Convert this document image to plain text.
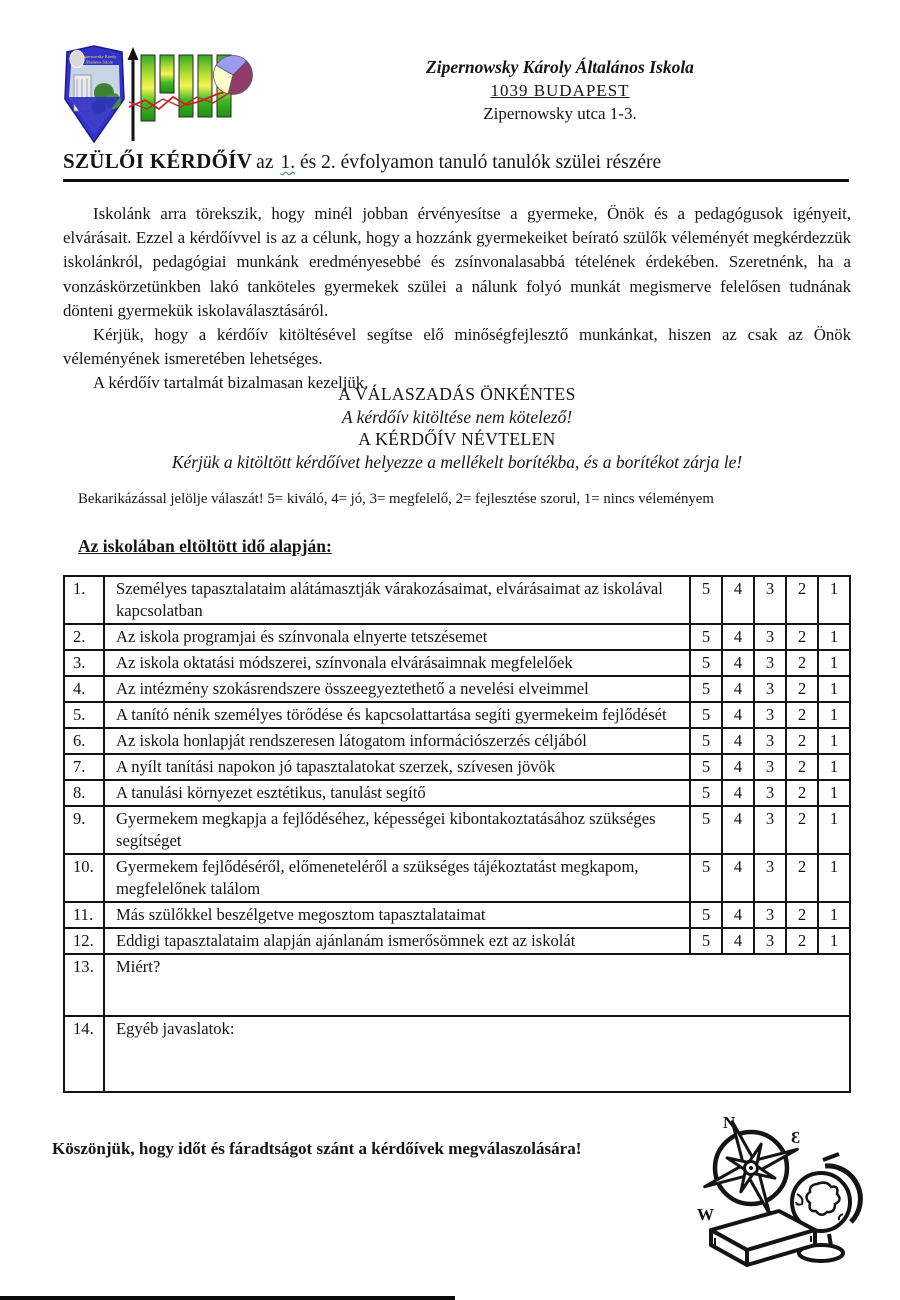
Zipernowsky Károly
Általános Iskola	Zipernowsky Károly Általános Iskola
1039 BUDAPEST
Zipernowsky utca 1-3.
SZÜLŐI KÉRDŐÍV az 1. és 2. évfolyamon tanuló tanulók szülei részére

Iskolánk arra törekszik, hogy minél jobban érvényesítse a gyermeke, Önök és a pedagógusok igényeit, elvárásait. Ezzel a kérdőívvel is az a célunk, hogy a hozzánk gyermekeiket beírató szülők véleményét megkérdezzük iskolánkról, pedagógiai munkánk eredményesebbé és zsínvonalasabbá tételének érdekében. Szeretnénk, ha a vonzáskörzetünkben lakó tanköteles gyermekek szülei a nálunk folyó munkát megismerve felelősen tudnának dönteni gyermekük iskolaválasztásáról.

Kérjük, hogy a kérdőív kitöltésével segítse elő minőségfejlesztő munkánkat, hiszen az csak az Önök véleményének ismeretében lehetséges.

A kérdőív tartalmát bizalmasan kezeljük.

A VÁLASZADÁS ÖNKÉNTES
A kérdőív kitöltése nem kötelező!
A KÉRDŐÍV NÉVTELEN
Kérjük a kitöltött kérdőívet helyezze a mellékelt borítékba, és a borítékot zárja le!
Bekarikázással jelölje válaszát! 5= kiváló, 4= jó, 3= megfelelő, 2= fejlesztése szorul, 1= nincs véleményem
Az iskolában eltöltött idő alapján:
1.	Személyes tapasztalataim alátámasztják várakozásaimat, elvárásaimat az iskolával kapcsolatban	5	4	3	2	1
2.	Az iskola programjai és színvonala elnyerte tetszésemet	5	4	3	2	1
3.	Az iskola oktatási módszerei, színvonala elvárásaimnak megfelelőek	5	4	3	2	1
4.	Az intézmény szokásrendszere összeegyeztethető a nevelési elveimmel	5	4	3	2	1
5.	A tanító nénik személyes törődése és kapcsolattartása segíti gyermekeim fejlődését	5	4	3	2	1
6.	Az iskola honlapját rendszeresen látogatom információszerzés céljából	5	4	3	2	1
7.	A nyílt tanítási napokon jó tapasztalatokat szerzek, szívesen jövök	5	4	3	2	1
8.	A tanulási környezet esztétikus, tanulást segítő	5	4	3	2	1
9.	Gyermekem megkapja a fejlődéséhez, képességei kibontakoztatásához szükséges segítséget	5	4	3	2	1
10.	Gyermekem fejlődéséről, előmeneteléről a szükséges tájékoztatást megkapom, megfelelőnek találom	5	4	3	2	1
11.	Más szülőkkel beszélgetve megosztom tapasztalataimat	5	4	3	2	1
12.	Eddigi tapasztalataim alapján ajánlanám ismerősömnek ezt az iskolát	5	4	3	2	1
13.	Miért?					
14.	Egyéb javaslatok:					
Köszönjük, hogy időt és fáradtságot szánt a kérdőívek megválaszolására!
N
Ɛ
W
